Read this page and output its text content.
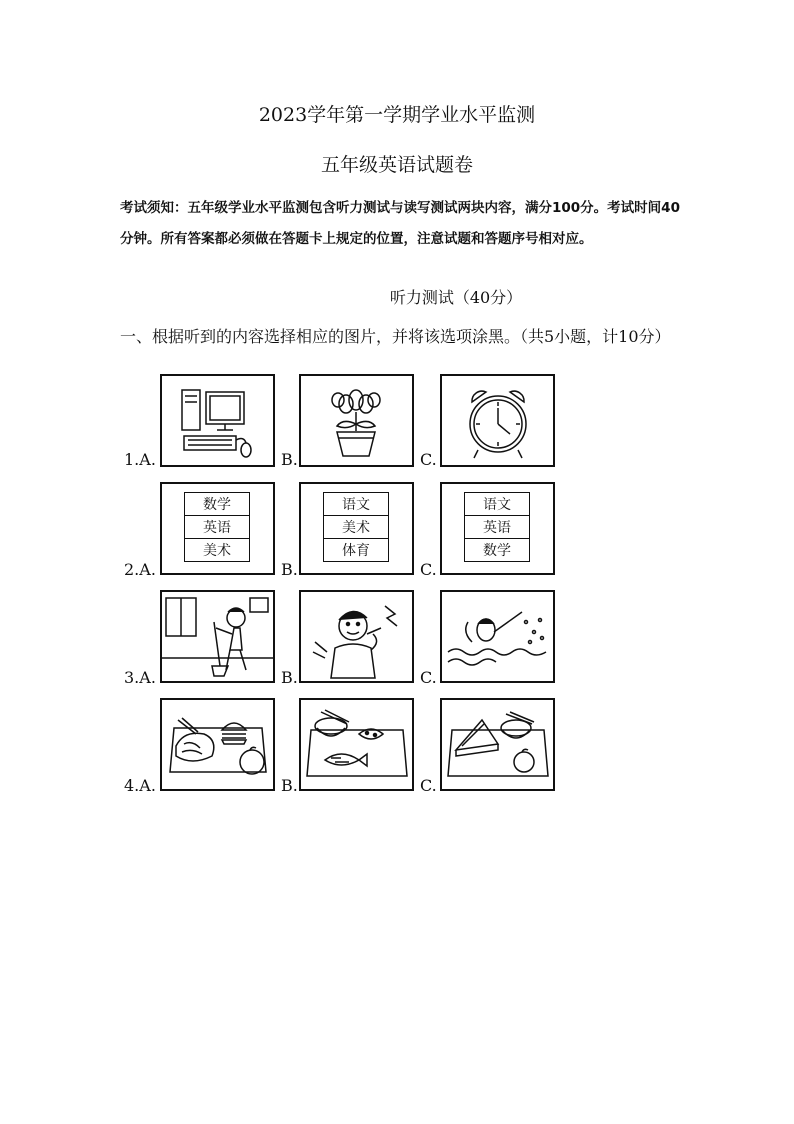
2023学年第一学期学业水平监测
五年级英语试题卷
考试须知：五年级学业水平监测包含听力测试与读写测试两块内容，满分100分。考试时间40分钟。所有答案都必须做在答题卡上规定的位置，注意试题和答题序号相对应。
听力测试（40分）
一、根据听到的内容选择相应的图片，并将该选项涂黑。（共5小题，计10分）
1.A.	B.	C.
2.A.
数学
英语
美术
B.
语文
美术
体育
C.
语文
英语
数学
3.A.	B.	C.
4.A.	B.	C.
